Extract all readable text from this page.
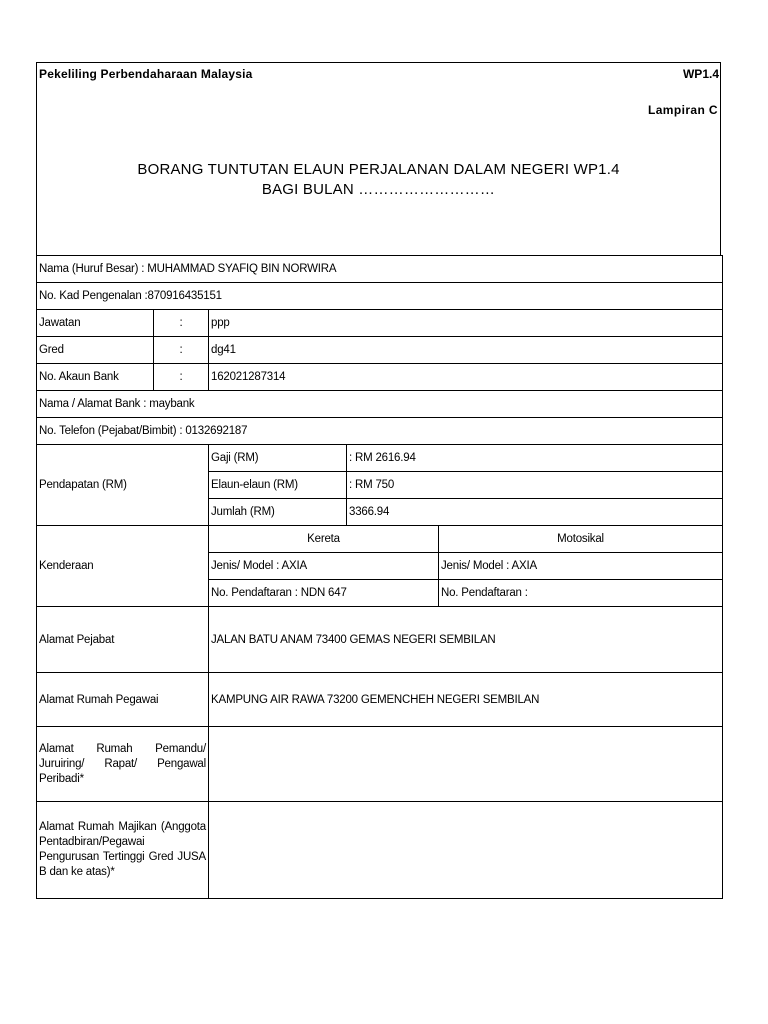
Pekeliling Perbendaharaan Malaysia	WP1.4
Lampiran C
BORANG TUNTUTAN ELAUN PERJALANAN DALAM NEGERI WP1.4
BAGI BULAN ………………………
Nama (Huruf Besar) : MUHAMMAD SYAFIQ BIN NORWIRA				
No. Kad Pengenalan :870916435151				
Jawatan	:	ppp		
Gred	:	dg41		
No. Akaun Bank	:	162021287314		
Nama / Alamat Bank : maybank				
No. Telefon (Pejabat/Bimbit) : 0132692187				
Pendapatan (RM)		Gaji (RM)	: RM 2616.94	
		Elaun-elaun (RM)	: RM 750	
		Jumlah (RM)	3366.94	
Kenderaan		Kereta		Motosikal
		Jenis/ Model : AXIA		Jenis/ Model : AXIA
		No. Pendaftaran : NDN 647		No. Pendaftaran :
Alamat Pejabat		JALAN BATU ANAM 73400 GEMAS NEGERI SEMBILAN		
Alamat Rumah Pegawai		KAMPUNG AIR RAWA 73200 GEMENCHEH NEGERI SEMBILAN		
Alamat Rumah Pemandu/ Juruiring/ Rapat/ Pengawal Peribadi*				
Alamat Rumah Majikan (Anggota Pentadbiran/Pegawai Pengurusan Tertinggi Gred JUSA B dan ke atas)*				
